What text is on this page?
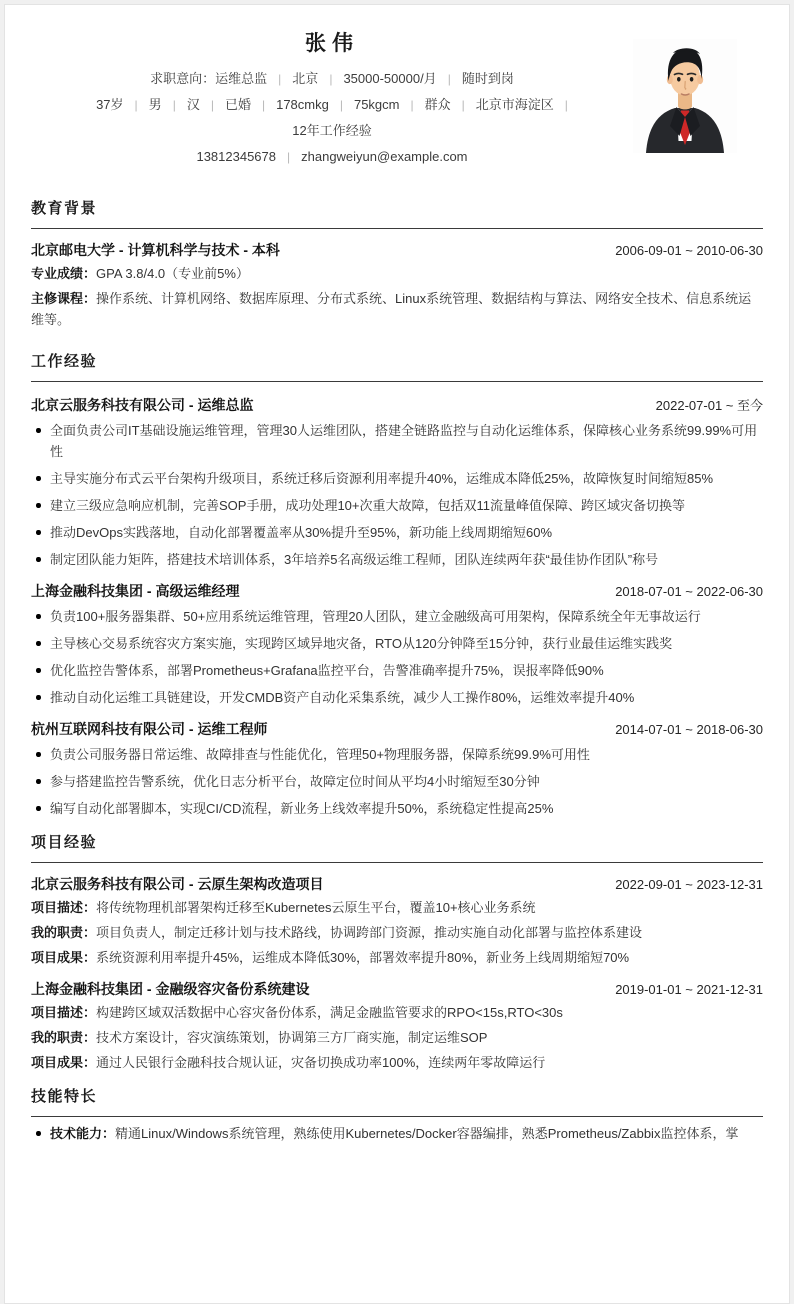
张伟
求职意向：运维总监	| 北京	| 35000-50000/月	| 随时到岗
37岁	| 男	| 汉	| 已婚	| 178cmkg	| 75kgcm	| 群众	| 北京市海淀区 |
12年工作经验
13812345678	| zhangweiyun@example.com
教育背景
北京邮电大学 - 计算机科学与技术 - 本科	2006-09-01 ~ 2010-06-30
专业成绩：GPA 3.8/4.0（专业前5%）
主修课程：操作系统、计算机网络、数据库原理、分布式系统、Linux系统管理、数据结构与算法、网络安全技术、信息系统运维等。
工作经验
北京云服务科技有限公司 - 运维总监	2022-07-01 ~ 至今
全面负责公司IT基础设施运维管理，管理30人运维团队，搭建全链路监控与自动化运维体系，保障核心业务系统99.99%可用性
主导实施分布式云平台架构升级项目，系统迁移后资源利用率提升40%，运维成本降低25%，故障恢复时间缩短85%
建立三级应急响应机制，完善SOP手册，成功处理10+次重大故障，包括双11流量峰值保障、跨区域灾备切换等
推动DevOps实践落地，自动化部署覆盖率从30%提升至95%，新功能上线周期缩短60%
制定团队能力矩阵，搭建技术培训体系，3年培养5名高级运维工程师，团队连续两年获“最佳协作团队”称号
上海金融科技集团 - 高级运维经理	2018-07-01 ~ 2022-06-30
负责100+服务器集群、50+应用系统运维管理，管理20人团队，建立金融级高可用架构，保障系统全年无事故运行
主导核心交易系统容灾方案实施，实现跨区域异地灾备，RTO从120分钟降至15分钟，获行业最佳运维实践奖
优化监控告警体系，部署Prometheus+Grafana监控平台，告警准确率提升75%，误报率降低90%
推动自动化运维工具链建设，开发CMDB资产自动化采集系统，减少人工操作80%，运维效率提升40%
杭州互联网科技有限公司 - 运维工程师	2014-07-01 ~ 2018-06-30
负责公司服务器日常运维、故障排查与性能优化，管理50+物理服务器，保障系统99.9%可用性
参与搭建监控告警系统，优化日志分析平台，故障定位时间从平均4小时缩短至30分钟
编写自动化部署脚本，实现CI/CD流程，新业务上线效率提升50%，系统稳定性提高25%
项目经验
北京云服务科技有限公司 - 云原生架构改造项目	2022-09-01 ~ 2023-12-31
项目描述：将传统物理机部署架构迁移至Kubernetes云原生平台，覆盖10+核心业务系统
我的职责：项目负责人，制定迁移计划与技术路线，协调跨部门资源，推动实施自动化部署与监控体系建设
项目成果：系统资源利用率提升45%，运维成本降低30%，部署效率提升80%，新业务上线周期缩短70%
上海金融科技集团 - 金融级容灾备份系统建设	2019-01-01 ~ 2021-12-31
项目描述：构建跨区域双活数据中心容灾备份体系，满足金融监管要求的RPO<15s,RTO<30s
我的职责：技术方案设计，容灾演练策划，协调第三方厂商实施，制定运维SOP
项目成果：通过人民银行金融科技合规认证，灾备切换成功率100%，连续两年零故障运行
技能特长
技术能力：精通Linux/Windows系统管理，熟练使用Kubernetes/Docker容器编排，熟悉Prometheus/Zabbix监控体系，掌
